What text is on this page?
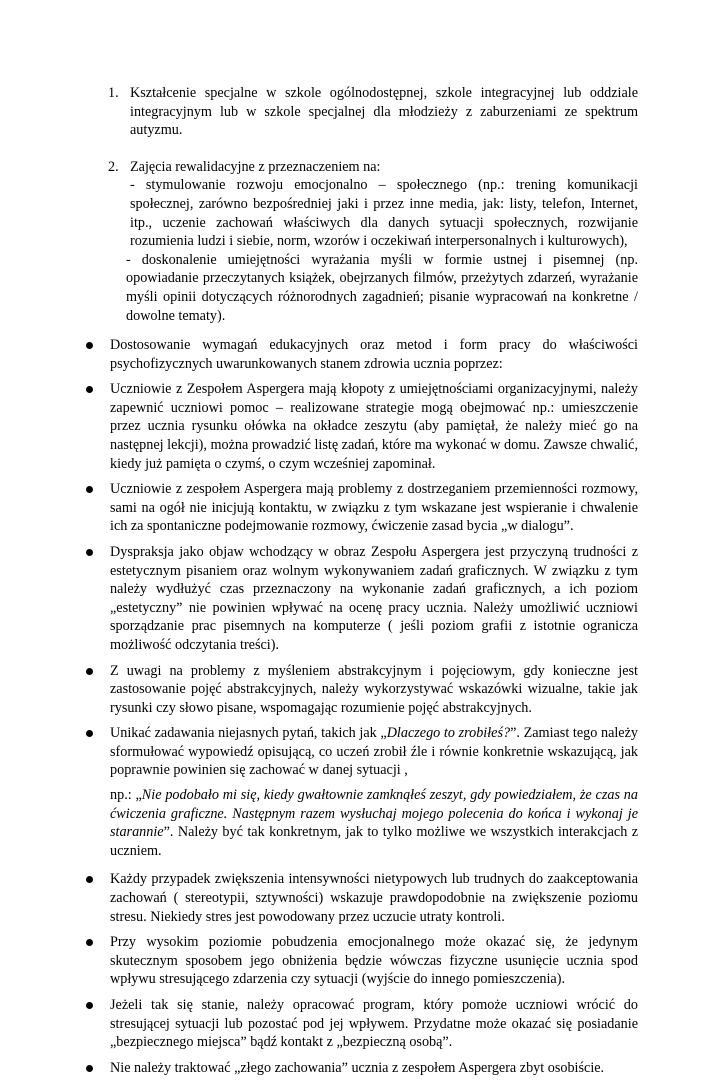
1. Kształcenie specjalne w szkole ogólnodostępnej, szkole integracyjnej lub oddziale integracyjnym lub w szkole specjalnej dla młodzieży z zaburzeniami ze spektrum autyzmu.
2. Zajęcia rewalidacyjne z przeznaczeniem na:
- stymulowanie rozwoju emocjonalno – społecznego (np.: trening komunikacji społecznej, zarówno bezpośredniej jaki i przez inne media, jak: listy, telefon, Internet, itp., uczenie zachowań właściwych dla danych sytuacji społecznych, rozwijanie rozumienia ludzi i siebie, norm, wzorów i oczekiwań interpersonalnych i kulturowych),
- doskonalenie umiejętności wyrażania myśli w formie ustnej i pisemnej (np. opowiadanie przeczytanych książek, obejrzanych filmów, przeżytych zdarzeń, wyrażanie myśli opinii dotyczących różnorodnych zagadnień; pisanie wypracowań na konkretne / dowolne tematy).
Dostosowanie wymagań edukacyjnych oraz metod i form pracy do właściwości psychofizycznych uwarunkowanych stanem zdrowia ucznia poprzez:
Uczniowie z Zespołem Aspergera mają kłopoty z umiejętnościami organizacyjnymi, należy zapewnić uczniowi pomoc – realizowane strategie mogą obejmować np.: umieszczenie przez ucznia rysunku ołówka na okładce zeszytu (aby pamiętał, że należy mieć go na następnej lekcji), można prowadzić listę zadań, które ma wykonać w domu. Zawsze chwalić, kiedy już pamięta o czymś, o czym wcześniej zapominał.
Uczniowie z zespołem Aspergera mają problemy z dostrzeganiem przemienności rozmowy, sami na ogół nie inicjują kontaktu, w związku z tym wskazane jest wspieranie i chwalenie ich za spontaniczne podejmowanie rozmowy, ćwiczenie zasad bycia „w dialogu”.
Dyspraksja jako objaw wchodzący w obraz Zespołu Aspergera jest przyczyną trudności z estetycznym pisaniem oraz wolnym wykonywaniem zadań graficznych. W związku z tym należy wydłużyć czas przeznaczony na wykonanie zadań graficznych, a ich poziom „estetyczny” nie powinien wpływać na ocenę pracy ucznia. Należy umożliwić uczniowi sporządzanie prac pisemnych na komputerze ( jeśli poziom grafii z istotnie ogranicza możliwość odczytania treści).
Z uwagi na problemy z myśleniem abstrakcyjnym i pojęciowym, gdy konieczne jest zastosowanie pojęć abstrakcyjnych, należy wykorzystywać wskazówki wizualne, takie jak rysunki czy słowo pisane, wspomagając rozumienie pojęć abstrakcyjnych.
Unikać zadawania niejasnych pytań, takich jak „Dlaczego to zrobiłeś?”. Zamiast tego należy sformułować wypowiedź opisującą, co uczeń zrobił źle i równie konkretnie wskazującą, jak poprawnie powinien się zachować w danej sytuacji ,
np.: „Nie podobało mi się, kiedy gwałtownie zamknąłeś zeszyt, gdy powiedziałem, że czas na ćwiczenia graficzne. Następnym razem wysłuchaj mojego polecenia do końca i wykonaj je starannie”. Należy być tak konkretnym, jak to tylko możliwe we wszystkich interakcjach z uczniem.
Każdy przypadek zwiększenia intensywności nietypowych lub trudnych do zaakceptowania zachowań ( stereotypii, sztywności) wskazuje prawdopodobnie na zwiększenie poziomu stresu. Niekiedy stres jest powodowany przez uczucie utraty kontroli.
Przy wysokim poziomie pobudzenia emocjonalnego może okazać się, że jedynym skutecznym sposobem jego obniżenia będzie wówczas fizyczne usunięcie ucznia spod wpływu stresującego zdarzenia czy sytuacji (wyjście do innego pomieszczenia).
Jeżeli tak się stanie, należy opracować program, który pomoże uczniowi wrócić do stresującej sytuacji lub pozostać pod jej wpływem. Przydatne może okazać się posiadanie „bezpiecznego miejsca” bądź kontakt z „bezpieczną osobą”.
Nie należy traktować „złego zachowania” ucznia z zespołem Aspergera zbyt osobiście.
